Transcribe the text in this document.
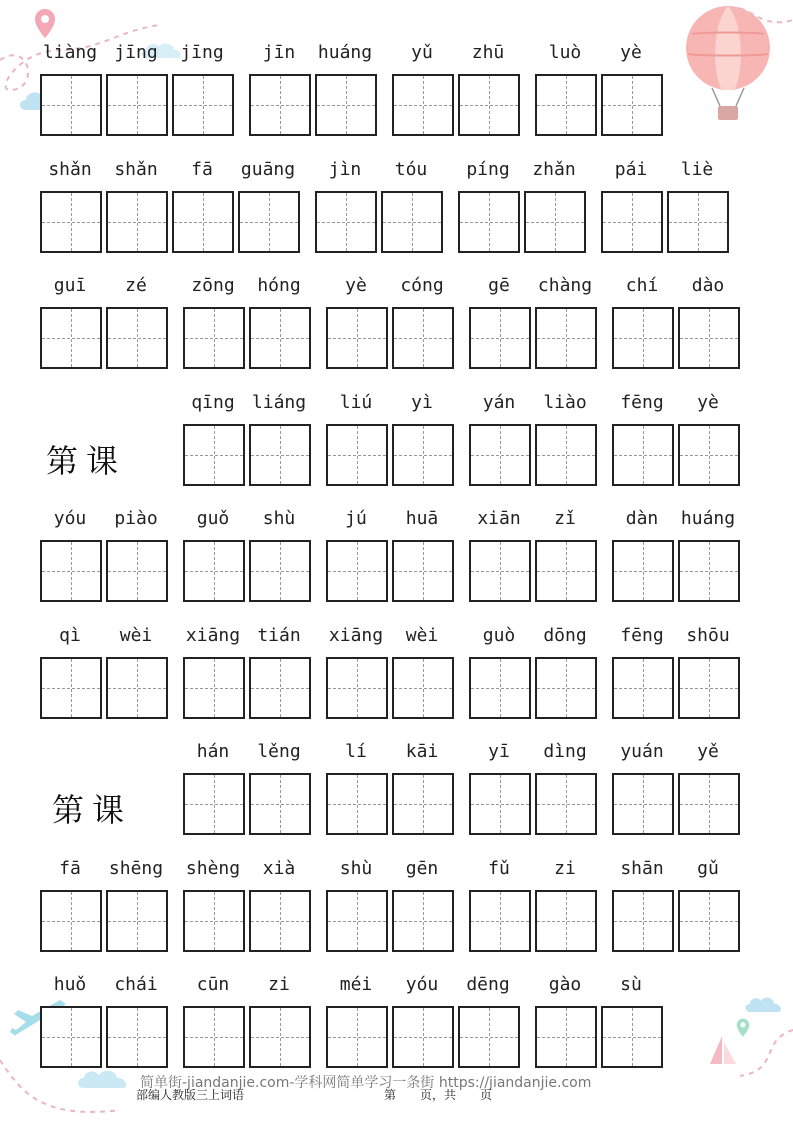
liàng jīng	jīng	jīn	huáng	yǔ	zhū	luò	yè
shǎn	shǎn	fā	guāng	jìn	tóu	píng	zhǎn	pái	liè
guī	zé	zōng	hóng	yè	cóng	gē	chàng	chí	dào
第课
qīng liáng	liú	yì	yán	liào	fēng	yè
yóu	piào	guǒ	shù	jú	huā	xiān	zǐ	dàn	huáng
qì	wèi	xiāng tián	xiāng	wèi	guò	dōng	fēng	shōu
第课
hán	lěng	lí	kāi	yī	dìng	yuán	yě
fā	shēng	shèng	xià	shù	gēn	fǔ	zi	shān	gǔ
huǒ	chái	cūn	zi	méi	yóu	dēng	gào	sù
简单街-jiandanjie.com-学科网简单学习一条街 https://jiandanjie.com
部编人教版三上词语	第　　页，共　　页
